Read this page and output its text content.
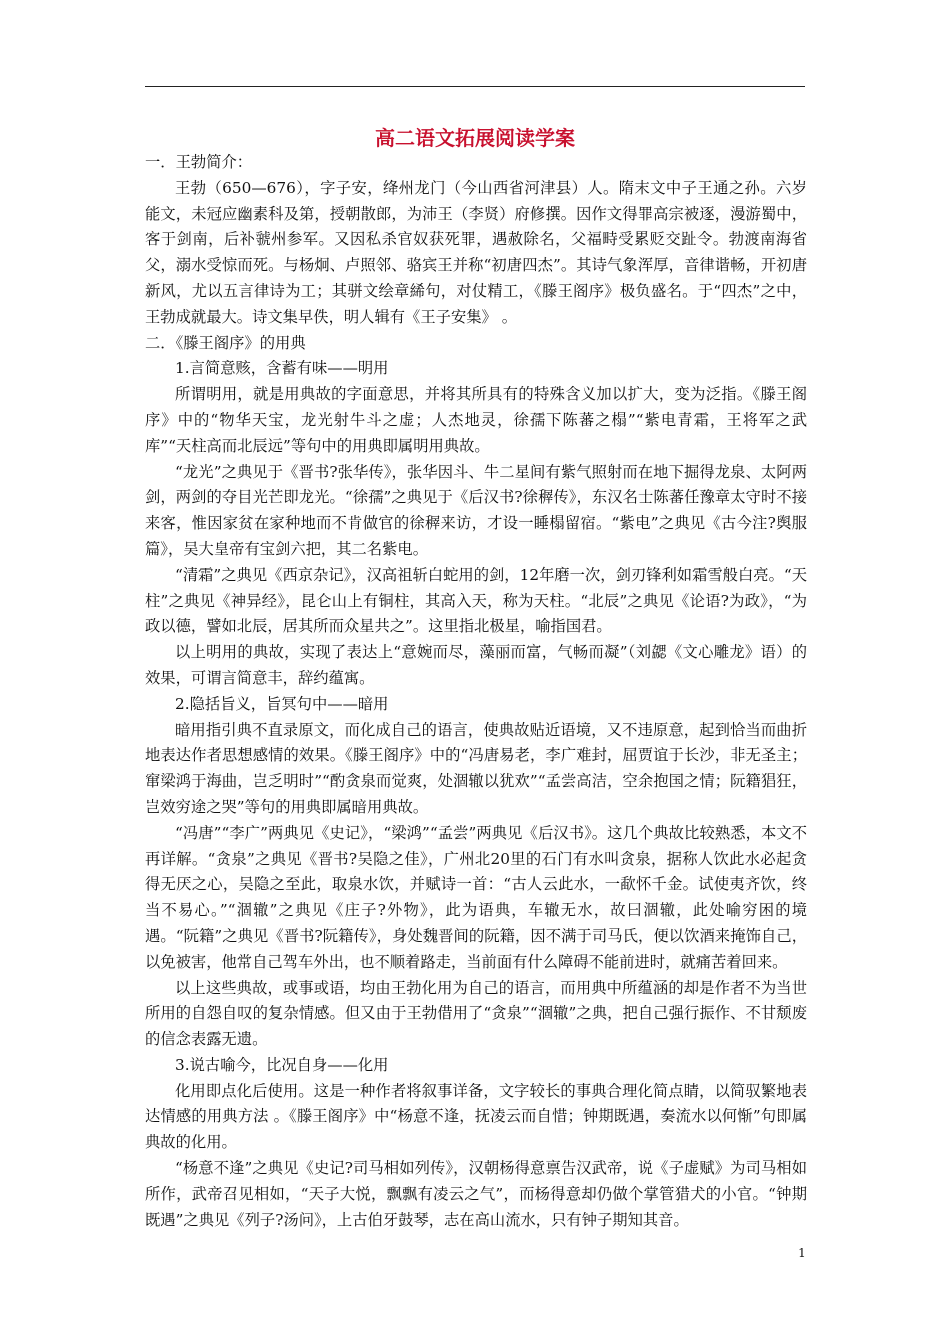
高二语文拓展阅读学案

一．王勃简介：

王勃（650—676），字子安，绛州龙门（今山西省河津县）人。隋末文中子王通之孙。六岁能文，未冠应幽素科及第，授朝散郎，为沛王（李贤）府修撰。因作文得罪高宗被逐，漫游蜀中，客于剑南，后补虢州参军。又因私杀官奴获死罪，遇赦除名，父福畤受累贬交趾令。勃渡南海省父，溺水受惊而死。与杨炯、卢照邻、骆宾王并称“初唐四杰”。其诗气象浑厚，音律谐畅，开初唐新风，尤以五言律诗为工；其骈文绘章絺句，对仗精工，《滕王阁序》极负盛名。于“四杰”之中，王勃成就最大。诗文集早佚，明人辑有《王子安集》 。

二．《滕王阁序》的用典

1.言简意赅，含蓄有味——明用

所谓明用，就是用典故的字面意思，并将其所具有的特殊含义加以扩大，变为泛指。《滕王阁序》中的“物华天宝，龙光射牛斗之虚；人杰地灵，徐孺下陈蕃之榻”“紫电青霜，王将军之武库”“天柱高而北辰远”等句中的用典即属明用典故。

“龙光”之典见于《晋书?张华传》，张华因斗、牛二星间有紫气照射而在地下掘得龙泉、太阿两剑，两剑的夺目光芒即龙光。“徐孺”之典见于《后汉书?徐稺传》，东汉名士陈蕃任豫章太守时不接来客，惟因家贫在家种地而不肯做官的徐稺来访，才设一睡榻留宿。“紫电”之典见《古今注?舆服篇》，吴大皇帝有宝剑六把，其二名紫电。

“清霜”之典见《西京杂记》，汉高祖斩白蛇用的剑，12年磨一次，剑刃锋利如霜雪般白亮。“天柱”之典见《神异经》，昆仑山上有铜柱，其高入天，称为天柱。“北辰”之典见《论语?为政》，“为政以德，譬如北辰，居其所而众星共之”。这里指北极星，喻指国君。

以上明用的典故，实现了表达上“意婉而尽，藻丽而富，气畅而凝”（刘勰《文心雕龙》语）的效果，可谓言简意丰，辞约蕴寓。

2.隐括旨义，旨冥句中——暗用

暗用指引典不直录原文，而化成自己的语言，使典故贴近语境，又不违原意，起到恰当而曲折地表达作者思想感情的效果。《滕王阁序》中的“冯唐易老，李广难封，屈贾谊于长沙，非无圣主；窜梁鸿于海曲，岂乏明时”“酌贪泉而觉爽，处涸辙以犹欢”“孟尝高洁，空余抱国之情；阮籍猖狂，岂效穷途之哭”等句的用典即属暗用典故。

“冯唐”“李广”两典见《史记》，“梁鸿”“孟尝”两典见《后汉书》。这几个典故比较熟悉，本文不再详解。“贪泉”之典见《晋书?吴隐之佳》，广州北20里的石门有水叫贪泉，据称人饮此水必起贪得无厌之心，吴隐之至此，取泉水饮，并赋诗一首：“古人云此水，一歃怀千金。试使夷齐饮，终当不易心。”“涸辙”之典见《庄子?外物》，此为语典，车辙无水，故曰涸辙，此处喻穷困的境遇。“阮籍”之典见《晋书?阮籍传》，身处魏晋间的阮籍，因不满于司马氏，便以饮酒来掩饰自己，以免被害，他常自己驾车外出，也不顺着路走，当前面有什么障碍不能前进时，就痛苦着回来。

以上这些典故，或事或语，均由王勃化用为自己的语言，而用典中所蕴涵的却是作者不为当世所用的自怨自叹的复杂情感。但又由于王勃借用了“贪泉”“涸辙”之典，把自己强行振作、不甘颓废的信念表露无遗。

3.说古喻今，比况自身——化用

化用即点化后使用。这是一种作者将叙事详备，文字较长的事典合理化简点睛，以简驭繁地表达情感的用典方法 。《滕王阁序》中“杨意不逢，抚凌云而自惜；钟期既遇，奏流水以何惭”句即属典故的化用。

“杨意不逢”之典见《史记?司马相如列传》，汉朝杨得意禀告汉武帝，说《子虚赋》为司马相如所作，武帝召见相如，“天子大悦，飘飘有凌云之气”，而杨得意却仍做个掌管猎犬的小官。“钟期既遇”之典见《列子?汤问》，上古伯牙鼓琴，志在高山流水，只有钟子期知其音。

1
